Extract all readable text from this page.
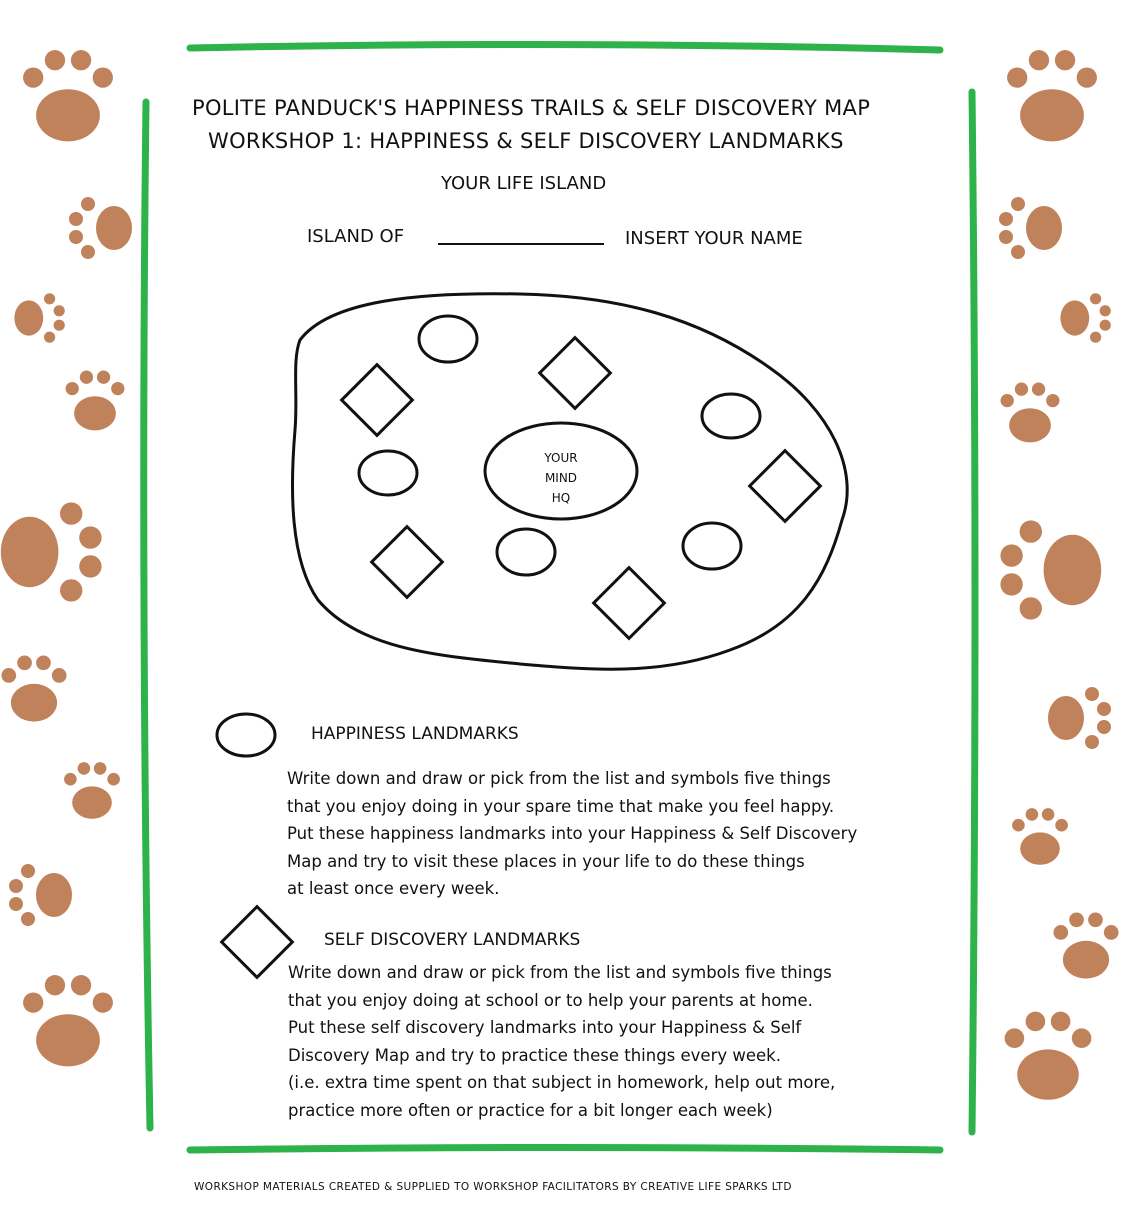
POLITE PANDUCK'S HAPPINESS TRAILS & SELF DISCOVERY MAP
WORKSHOP 1: HAPPINESS & SELF DISCOVERY LANDMARKS
YOUR LIFE ISLAND
ISLAND OF	INSERT YOUR NAME
YOUR
MIND
HQ
HAPPINESS LANDMARKS
Write down and draw or pick from the list and symbols five things
that you enjoy doing in your spare time that make you feel happy.
Put these happiness landmarks into your Happiness & Self Discovery
Map and try to visit these places in your life to do these things
at least once every week.
SELF DISCOVERY LANDMARKS
Write down and draw or pick from the list and symbols five things
that you enjoy doing at school or to help your parents at home.
Put these self discovery landmarks into your Happiness & Self
Discovery Map and try to practice these things every week.
(i.e. extra time spent on that subject in homework, help out more,
practice more often or practice for a bit longer each week)
WORKSHOP MATERIALS CREATED & SUPPLIED TO WORKSHOP FACILITATORS BY CREATIVE LIFE SPARKS LTD
